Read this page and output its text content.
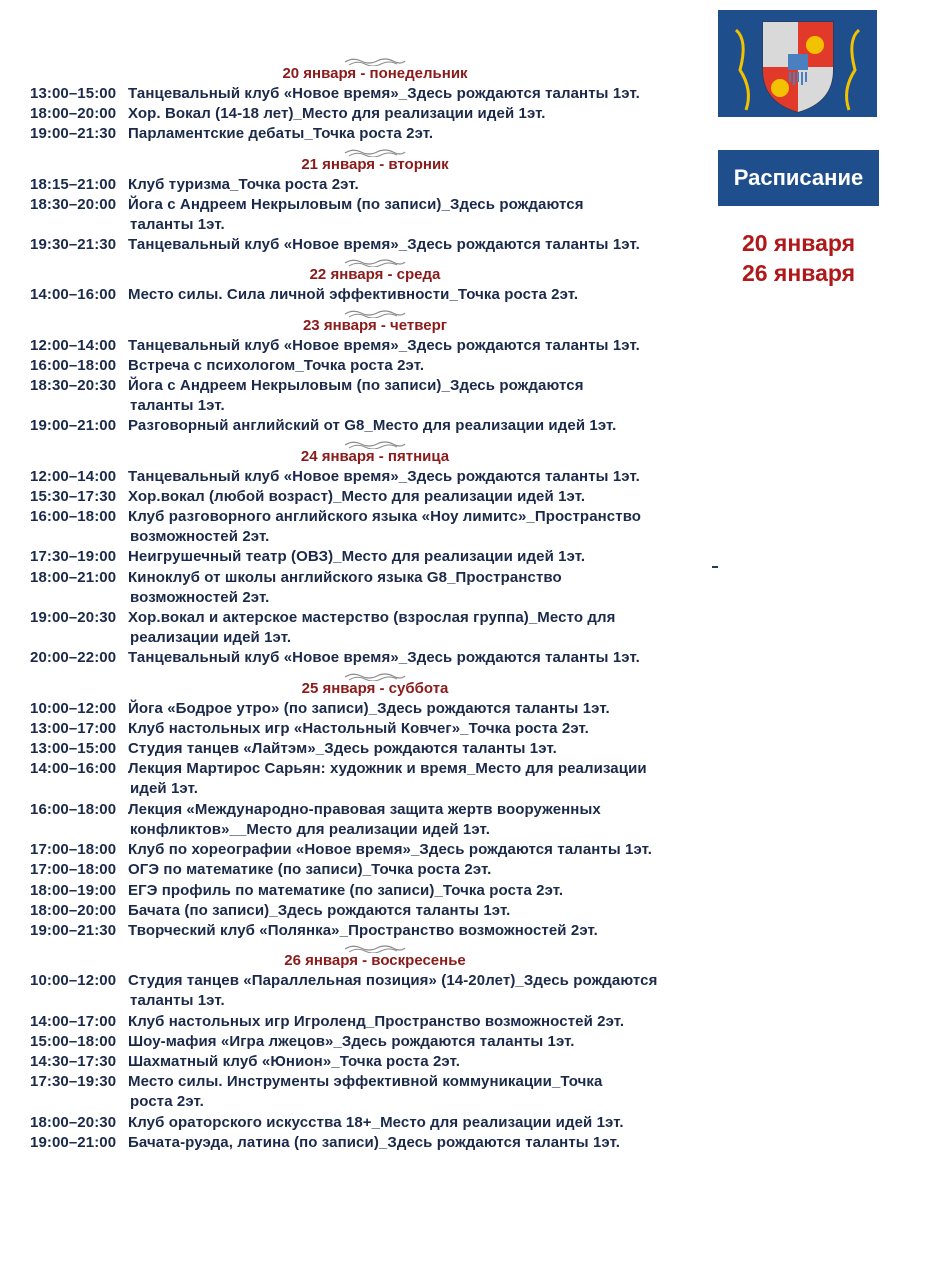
20 января - понедельник
13:00–15:00 Танцевальный клуб «Новое время»_Здесь рождаются таланты 1эт.
18:00–20:00 Хор. Вокал (14-18 лет)_Место для реализации идей 1эт.
19:00–21:30 Парламентские дебаты_Точка роста 2эт.
21 января - вторник
18:15–21:00 Клуб туризма_Точка роста 2эт.
18:30–20:00 Йога с Андреем Некрыловым (по записи)_Здесь рождаются
таланты 1эт.
19:30–21:30 Танцевальный клуб «Новое время»_Здесь рождаются таланты 1эт.
22 января - среда
14:00–16:00 Место силы. Сила личной эффективности_Точка роста 2эт.
23 января - четверг
12:00–14:00 Танцевальный клуб «Новое время»_Здесь рождаются таланты 1эт.
16:00–18:00 Встреча с психологом_Точка роста 2эт.
18:30–20:30 Йога с Андреем Некрыловым (по записи)_Здесь рождаются
таланты 1эт.
19:00–21:00 Разговорный английский от G8_Место для реализации идей 1эт.
24 января - пятница
12:00–14:00 Танцевальный клуб «Новое время»_Здесь рождаются таланты 1эт.
15:30–17:30 Хор.вокал (любой возраст)_Место для реализации идей 1эт.
16:00–18:00 Клуб разговорного английского языка «Ноу лимитс»_Пространство
возможностей 2эт.
17:30–19:00 Неигрушечный театр (ОВЗ)_Место для реализации идей 1эт.
18:00–21:00 Киноклуб от школы английского языка G8_Пространство
возможностей 2эт.
19:00–20:30 Хор.вокал и актерское мастерство (взрослая группа)_Место для
реализации идей 1эт.
20:00–22:00 Танцевальный клуб «Новое время»_Здесь рождаются таланты 1эт.
25 января - суббота
10:00–12:00 Йога «Бодрое утро» (по записи)_Здесь рождаются таланты 1эт.
13:00–17:00 Клуб настольных игр «Настольный Ковчег»_Точка роста 2эт.
13:00–15:00 Студия танцев «Лайтэм»_Здесь рождаются таланты 1эт.
14:00–16:00 Лекция Мартирос Сарьян: художник и время_Место для реализации
идей 1эт.
16:00–18:00 Лекция «Международно-правовая защита жертв вооруженных
конфликтов»__Место для реализации идей 1эт.
17:00–18:00 Клуб по хореографии «Новое время»_Здесь рождаются таланты 1эт.
17:00–18:00 ОГЭ по математике (по записи)_Точка роста 2эт.
18:00–19:00 ЕГЭ профиль по математике (по записи)_Точка роста 2эт.
18:00–20:00 Бачата (по записи)_Здесь рождаются таланты 1эт.
19:00–21:30 Творческий клуб «Полянка»_Пространство возможностей 2эт.
26 января - воскресенье
10:00–12:00 Студия танцев «Параллельная позиция» (14-20лет)_Здесь рождаются
таланты 1эт.
14:00–17:00 Клуб настольных игр Игроленд_Пространство возможностей 2эт.
15:00–18:00 Шоу-мафия «Игра лжецов»_Здесь рождаются таланты 1эт.
14:30–17:30 Шахматный клуб «Юнион»_Точка роста 2эт.
17:30–19:30 Место силы. Инструменты эффективной коммуникации_Точка
роста 2эт.
18:00–20:30 Клуб ораторского искусства 18+_Место для реализации идей 1эт.
19:00–21:00 Бачата-руэда, латина (по записи)_Здесь рождаются таланты 1эт.
Расписание
20 января
26 января
